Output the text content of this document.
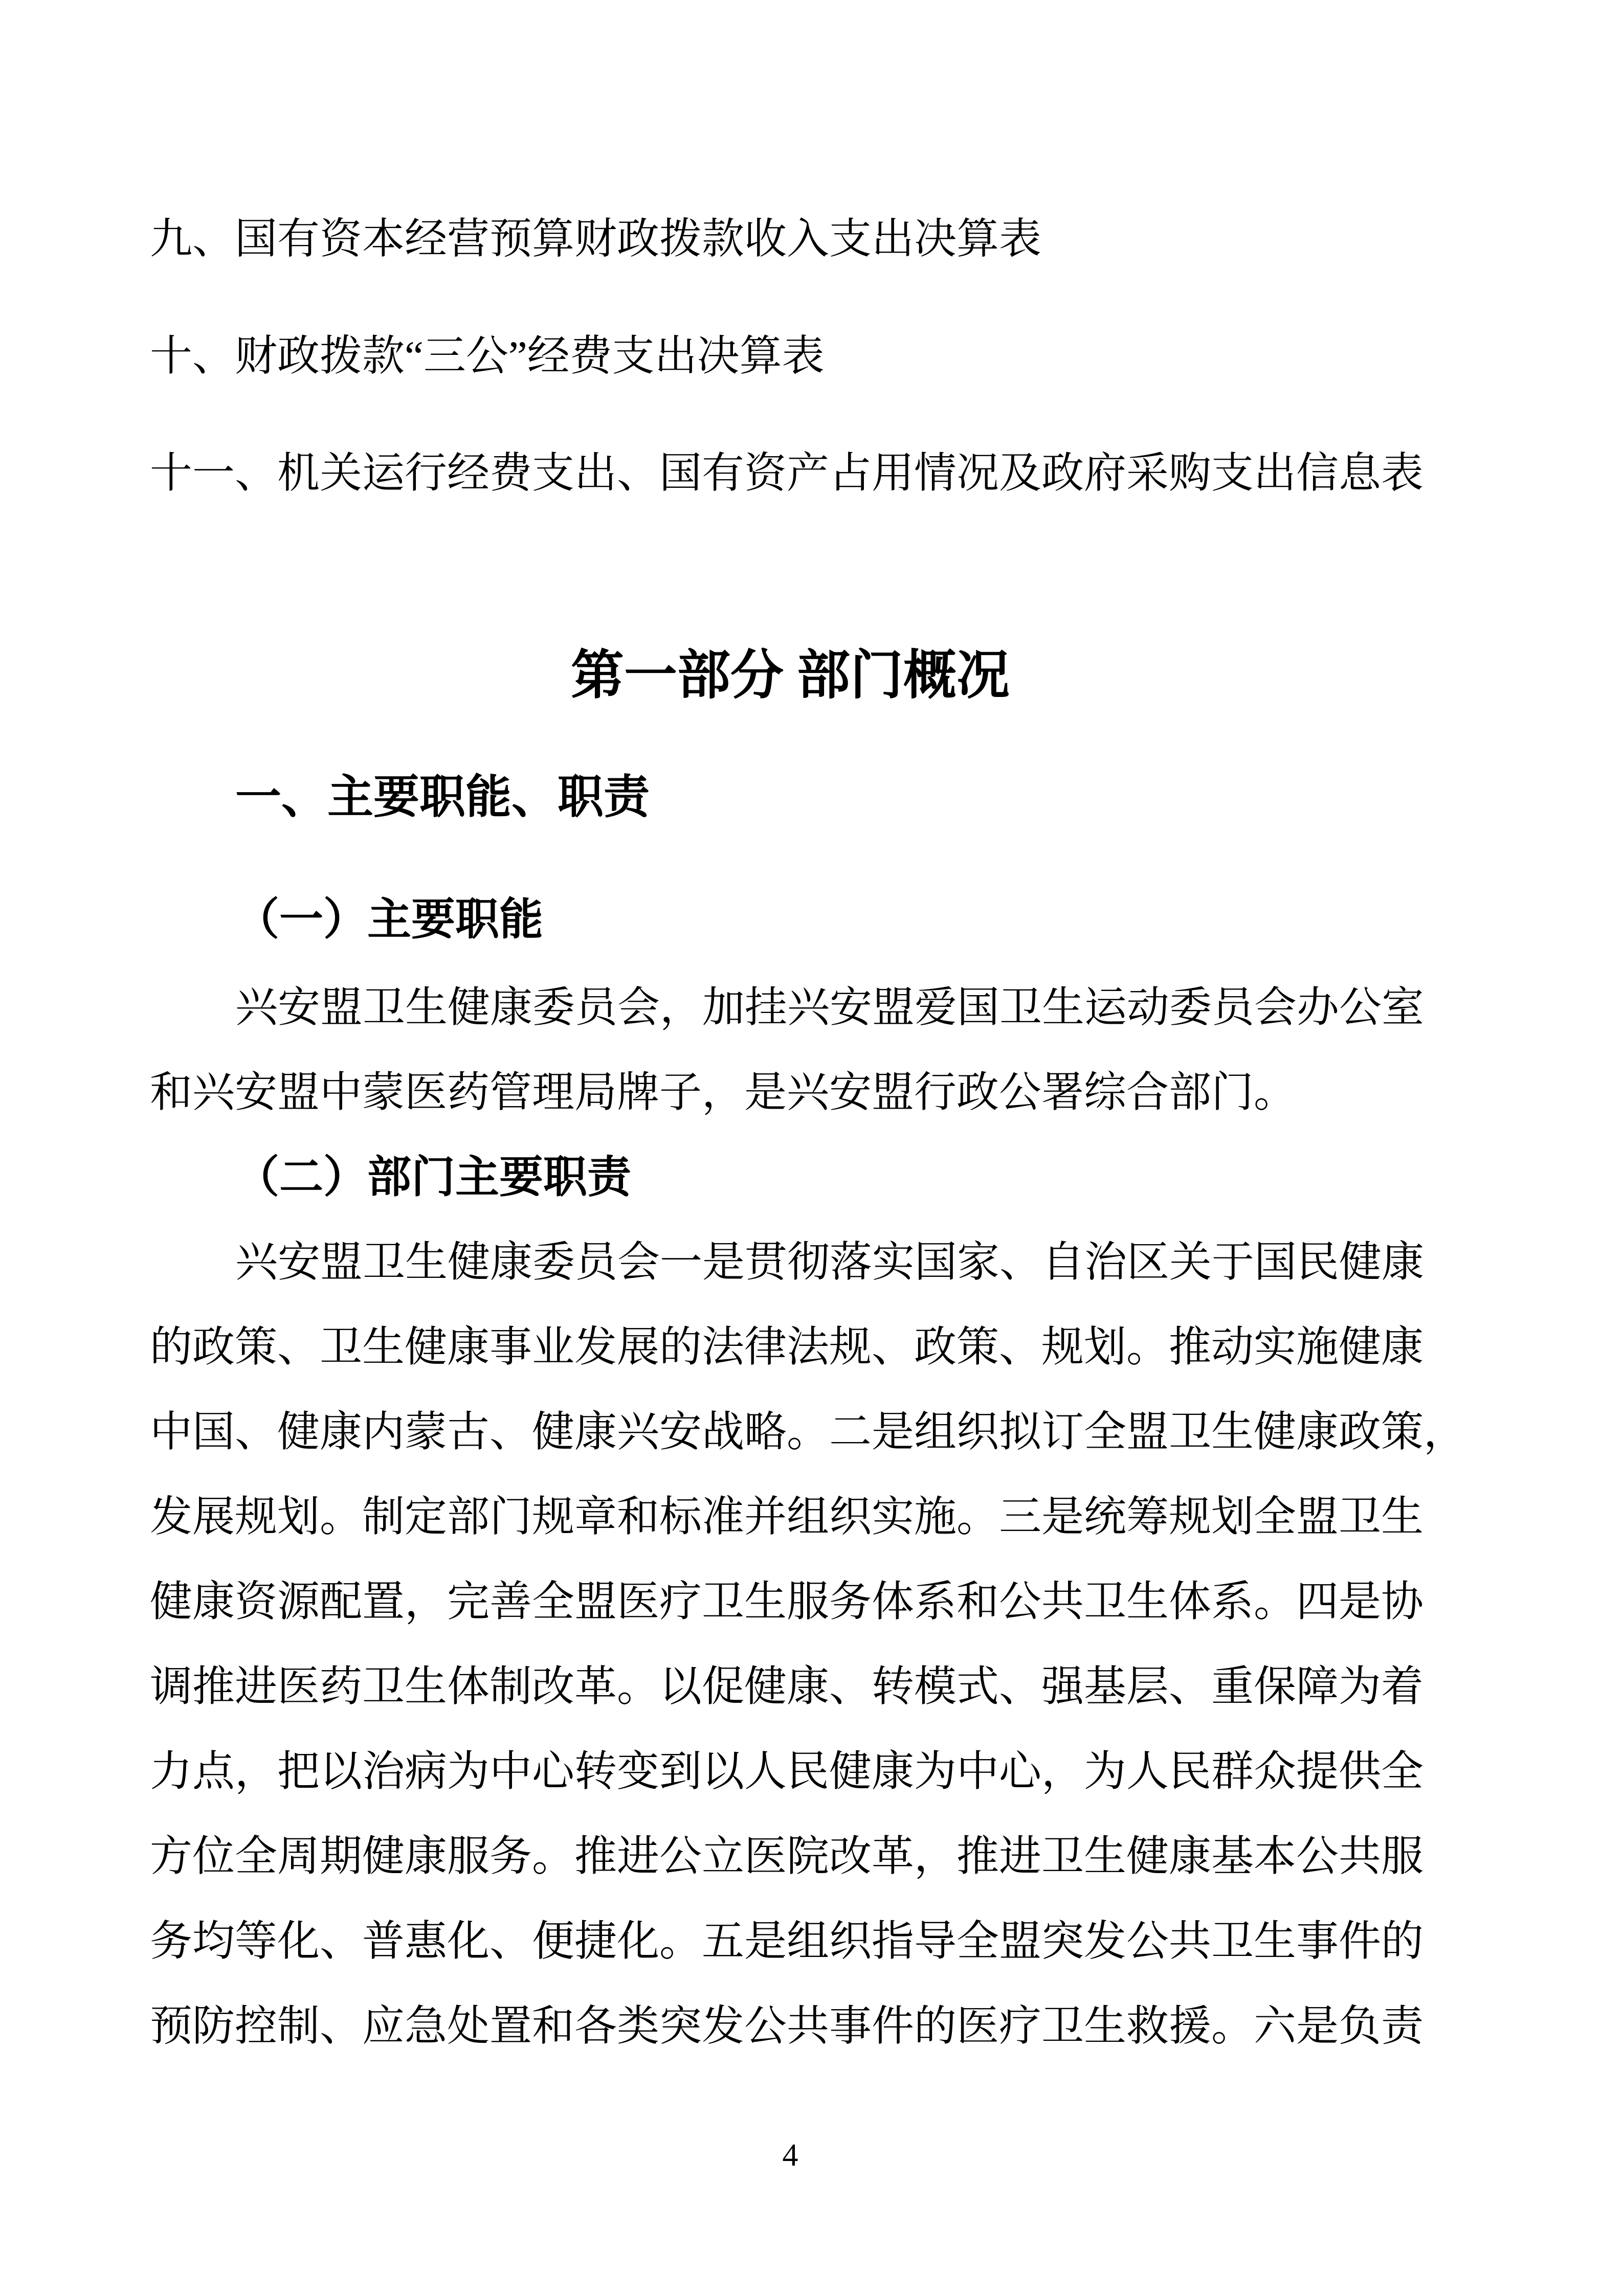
九、国有资本经营预算财政拨款收入支出决算表
十、财政拨款“三公”经费支出决算表
十一、机关运行经费支出、国有资产占用情况及政府采购支出信息表
第一部分 部门概况
一、主要职能、职责
（一）主要职能
兴安盟卫生健康委员会，加挂兴安盟爱国卫生运动委员会办公室
和兴安盟中蒙医药管理局牌子，是兴安盟行政公署综合部门。
（二）部门主要职责
兴安盟卫生健康委员会一是贯彻落实国家、自治区关于国民健康
的政策、卫生健康事业发展的法律法规、政策、规划。推动实施健康
中国、健康内蒙古、健康兴安战略。二是组织拟订全盟卫生健康政策，
发展规划。制定部门规章和标准并组织实施。三是统筹规划全盟卫生
健康资源配置，完善全盟医疗卫生服务体系和公共卫生体系。四是协
调推进医药卫生体制改革。以促健康、转模式、强基层、重保障为着
力点，把以治病为中心转变到以人民健康为中心，为人民群众提供全
方位全周期健康服务。推进公立医院改革，推进卫生健康基本公共服
务均等化、普惠化、便捷化。五是组织指导全盟突发公共卫生事件的
预防控制、应急处置和各类突发公共事件的医疗卫生救援。六是负责
4
